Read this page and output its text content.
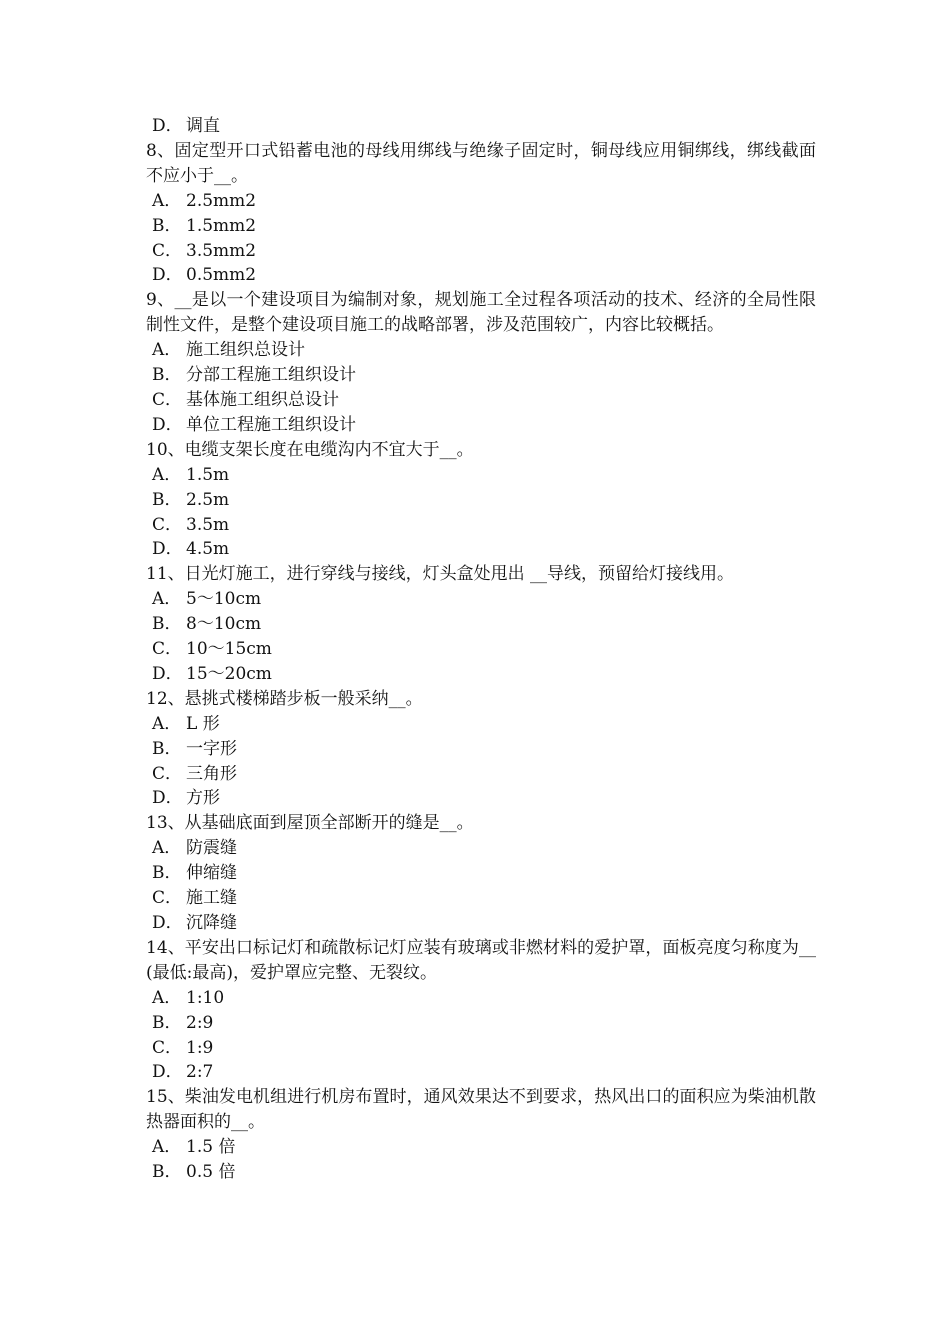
D． 调直

8、固定型开口式铅蓄电池的母线用绑线与绝缘子固定时，铜母线应用铜绑线，绑线截面不应小于__。

A． 2.5mm2

B． 1.5mm2

C． 3.5mm2

D． 0.5mm2

9、__是以一个建设项目为编制对象，规划施工全过程各项活动的技术、经济的全局性限制性文件，是整个建设项目施工的战略部署，涉及范围较广，内容比较概括。

A． 施工组织总设计

B． 分部工程施工组织设计

C． 基体施工组织总设计

D． 单位工程施工组织设计

10、电缆支架长度在电缆沟内不宜大于__。

A． 1.5m

B． 2.5m

C． 3.5m

D． 4.5m

11、日光灯施工，进行穿线与接线，灯头盒处甩出 __导线，预留给灯接线用。

A． 5～10cm

B． 8～10cm

C． 10～15cm

D． 15～20cm

12、悬挑式楼梯踏步板一般采纳__。

A． L 形

B． 一字形

C． 三角形

D． 方形

13、从基础底面到屋顶全部断开的缝是__。

A． 防震缝

B． 伸缩缝

C． 施工缝

D． 沉降缝

14、平安出口标记灯和疏散标记灯应装有玻璃或非燃材料的爱护罩，面板亮度匀称度为__(最低:最高)，爱护罩应完整、无裂纹。

A． 1:10

B． 2:9

C． 1:9

D． 2:7

15、柴油发电机组进行机房布置时，通风效果达不到要求，热风出口的面积应为柴油机散热器面积的__。

A． 1.5 倍

B． 0.5 倍
